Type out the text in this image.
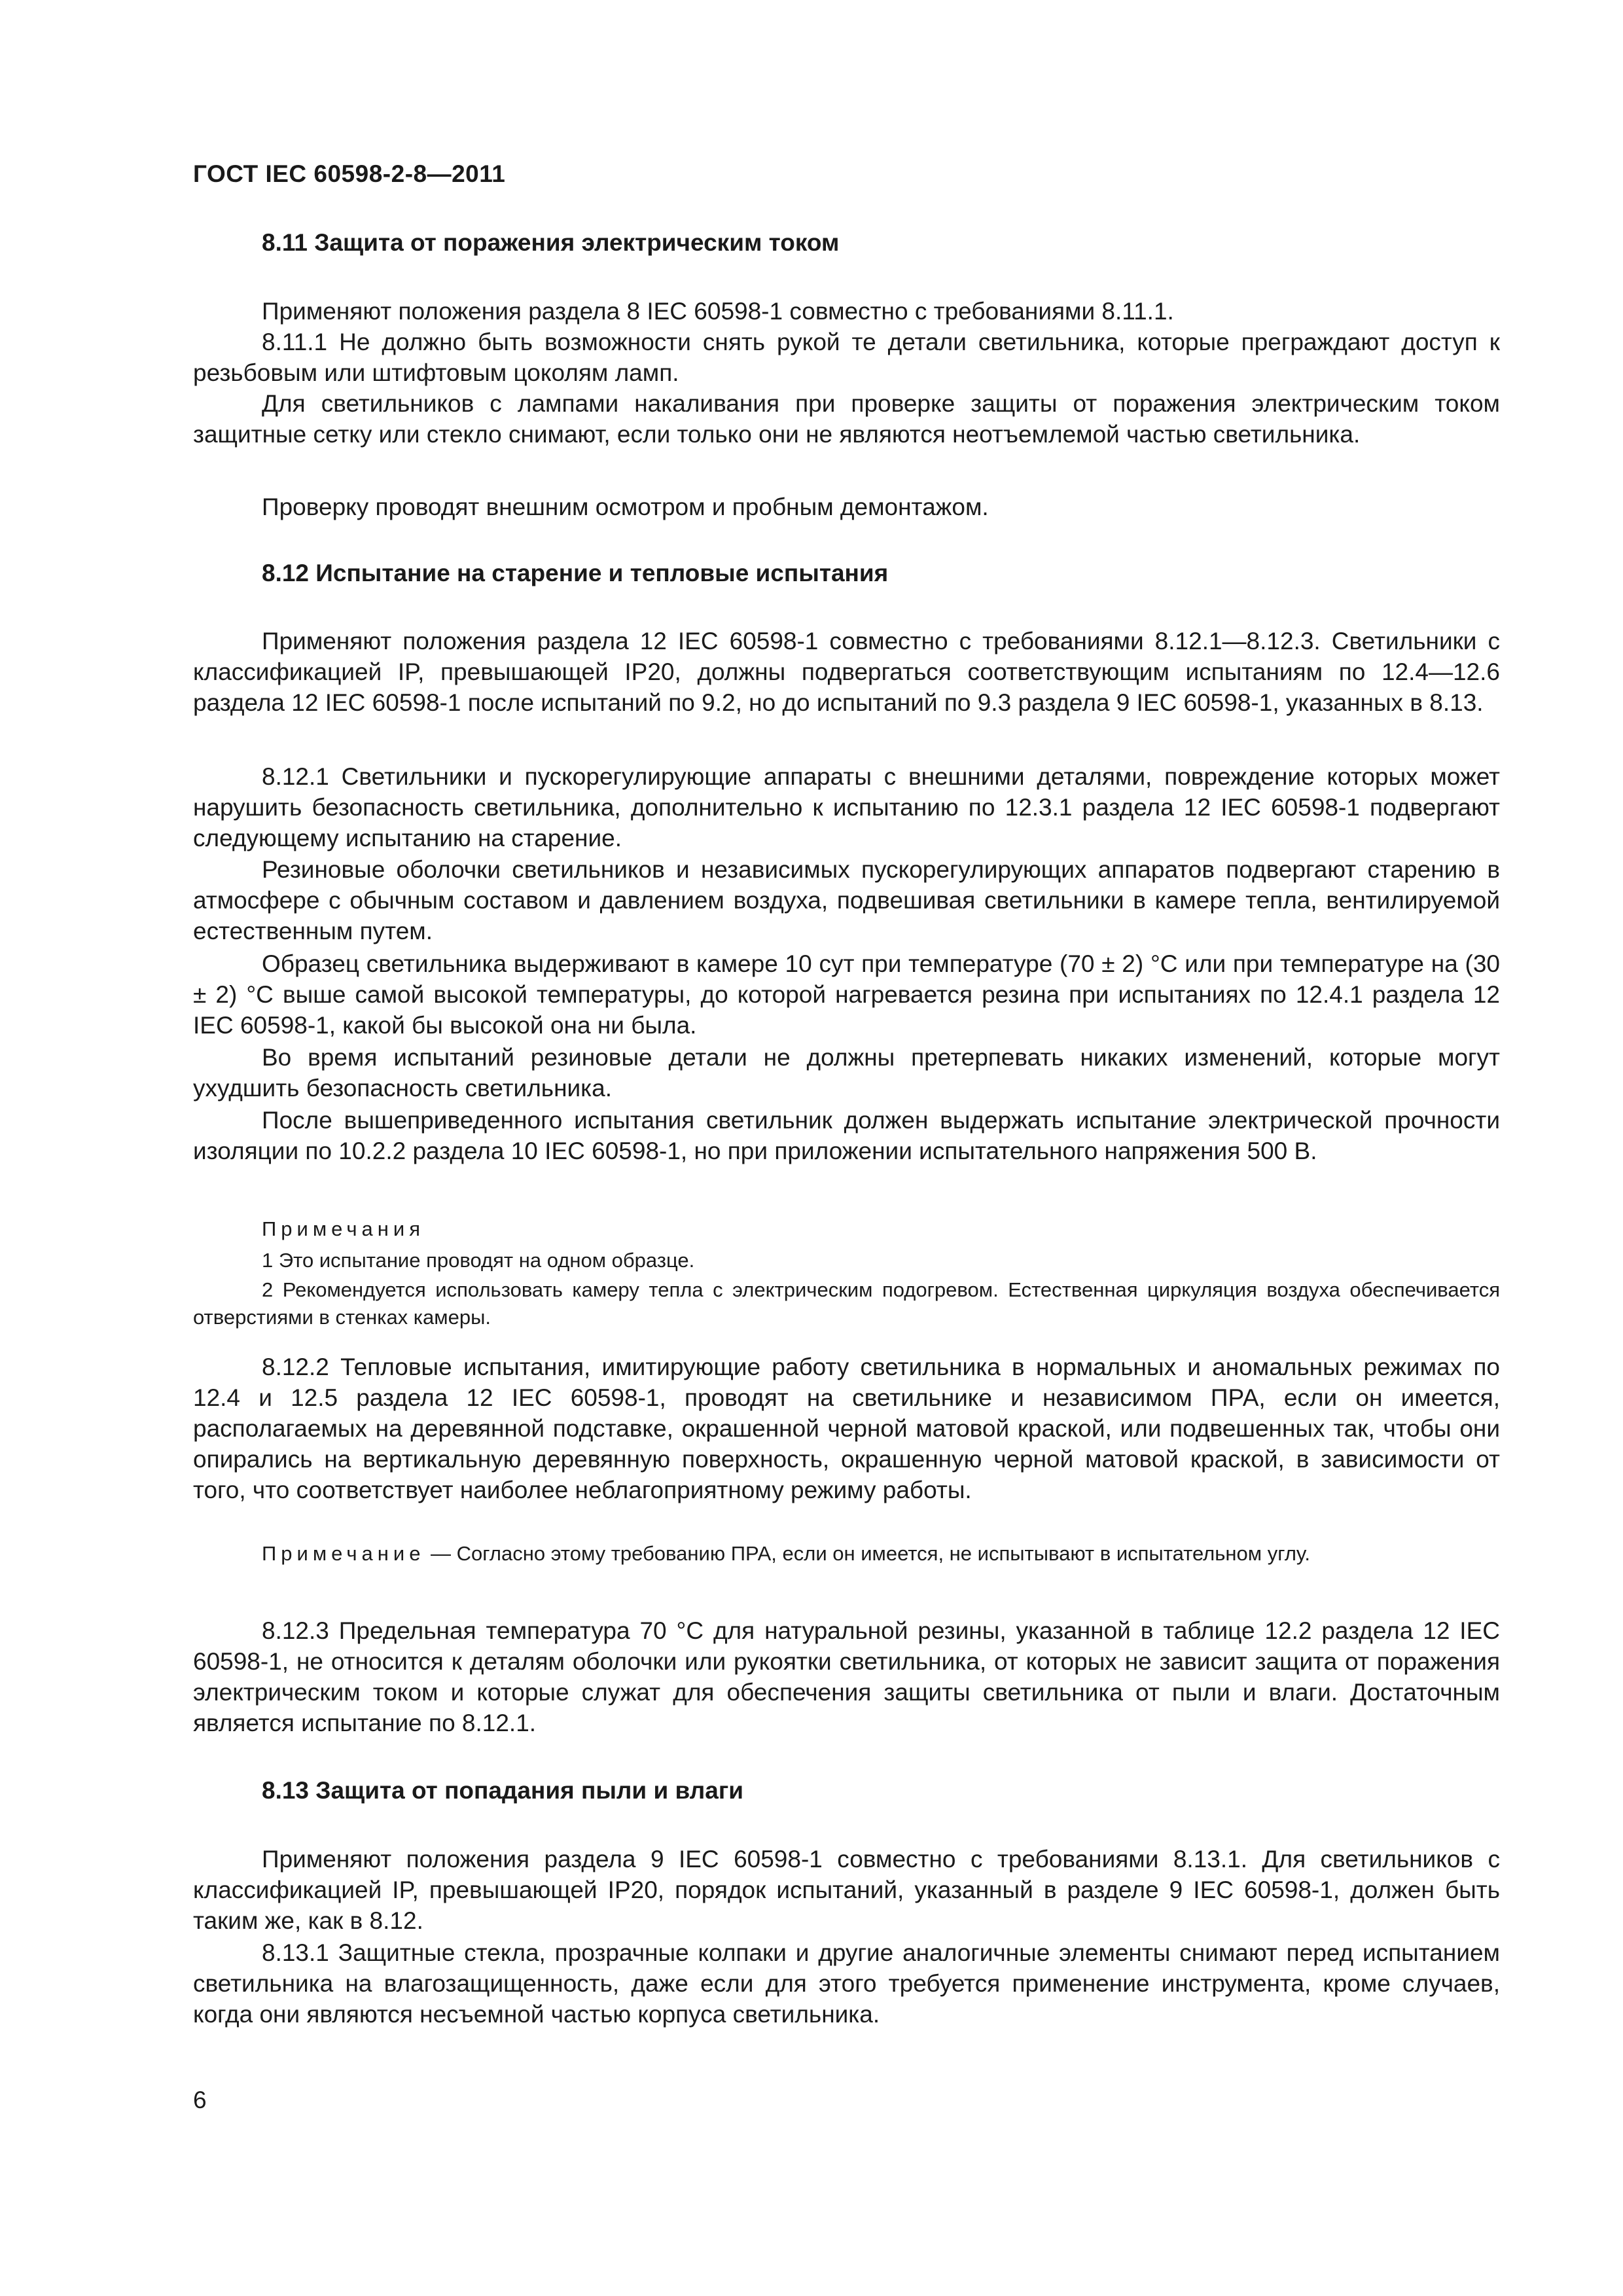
ГОСТ IEC 60598-2-8—2011
8.11 Защита от поражения электрическим током

Применяют положения раздела 8 IEC 60598-1 совместно с требованиями 8.11.1.

8.11.1 Не должно быть возможности снять рукой те детали светильника, которые преграждают доступ к резьбовым или штифтовым цоколям ламп.

Для светильников с лампами накаливания при проверке защиты от поражения электрическим током защитные сетку или стекло снимают, если только они не являются неотъемлемой частью светильника.

Проверку проводят внешним осмотром и пробным демонтажом.

8.12 Испытание на старение и тепловые испытания

Применяют положения раздела 12 IEC 60598-1 совместно с требованиями 8.12.1—8.12.3. Светильники с классификацией IP, превышающей IP20, должны подвергаться соответствующим испытаниям по 12.4—12.6 раздела 12 IEC 60598-1 после испытаний по 9.2, но до испытаний по 9.3 раздела 9 IEC 60598-1, указанных в 8.13.

8.12.1 Светильники и пускорегулирующие аппараты с внешними деталями, повреждение которых может нарушить безопасность светильника, дополнительно к испытанию по 12.3.1 раздела 12 IEC 60598-1 подвергают следующему испытанию на старение.

Резиновые оболочки светильников и независимых пускорегулирующих аппаратов подвергают старению в атмосфере с обычным составом и давлением воздуха, подвешивая светильники в камере тепла, вентилируемой естественным путем.

Образец светильника выдерживают в камере 10 сут при температуре (70 ± 2) °С или при температуре на (30 ± 2) °С выше самой высокой температуры, до которой нагревается резина при испытаниях по 12.4.1 раздела 12 IEC 60598-1, какой бы высокой она ни была.

Во время испытаний резиновые детали не должны претерпевать никаких изменений, которые могут ухудшить безопасность светильника.

После вышеприведенного испытания светильник должен выдержать испытание электрической прочности изоляции по 10.2.2 раздела 10 IEC 60598-1, но при приложении испытательного напряжения 500 В.

Примечания

1 Это испытание проводят на одном образце.

2 Рекомендуется использовать камеру тепла с электрическим подогревом. Естественная циркуляция воздуха обеспечивается отверстиями в стенках камеры.

8.12.2 Тепловые испытания, имитирующие работу светильника в нормальных и аномальных режимах по 12.4 и 12.5 раздела 12 IEC 60598-1, проводят на светильнике и независимом ПРА, если он имеется, располагаемых на деревянной подставке, окрашенной черной матовой краской, или подвешенных так, чтобы они опирались на вертикальную деревянную поверхность, окрашенную черной матовой краской, в зависимости от того, что соответствует наиболее неблагоприятному режиму работы.

Примечание — Согласно этому требованию ПРА, если он имеется, не испытывают в испытательном углу.

8.12.3 Предельная температура 70 °С для натуральной резины, указанной в таблице 12.2 раздела 12 IEC 60598-1, не относится к деталям оболочки или рукоятки светильника, от которых не зависит защита от поражения электрическим током и которые служат для обеспечения защиты светильника от пыли и влаги. Достаточным является испытание по 8.12.1.

8.13 Защита от попадания пыли и влаги

Применяют положения раздела 9 IEC 60598-1 совместно с требованиями 8.13.1. Для светильников с классификацией IP, превышающей IP20, порядок испытаний, указанный в разделе 9 IEC 60598-1, должен быть таким же, как в 8.12.

8.13.1 Защитные стекла, прозрачные колпаки и другие аналогичные элементы снимают перед испытанием светильника на влагозащищенность, даже если для этого требуется применение инструмента, кроме случаев, когда они являются несъемной частью корпуса светильника.

6
